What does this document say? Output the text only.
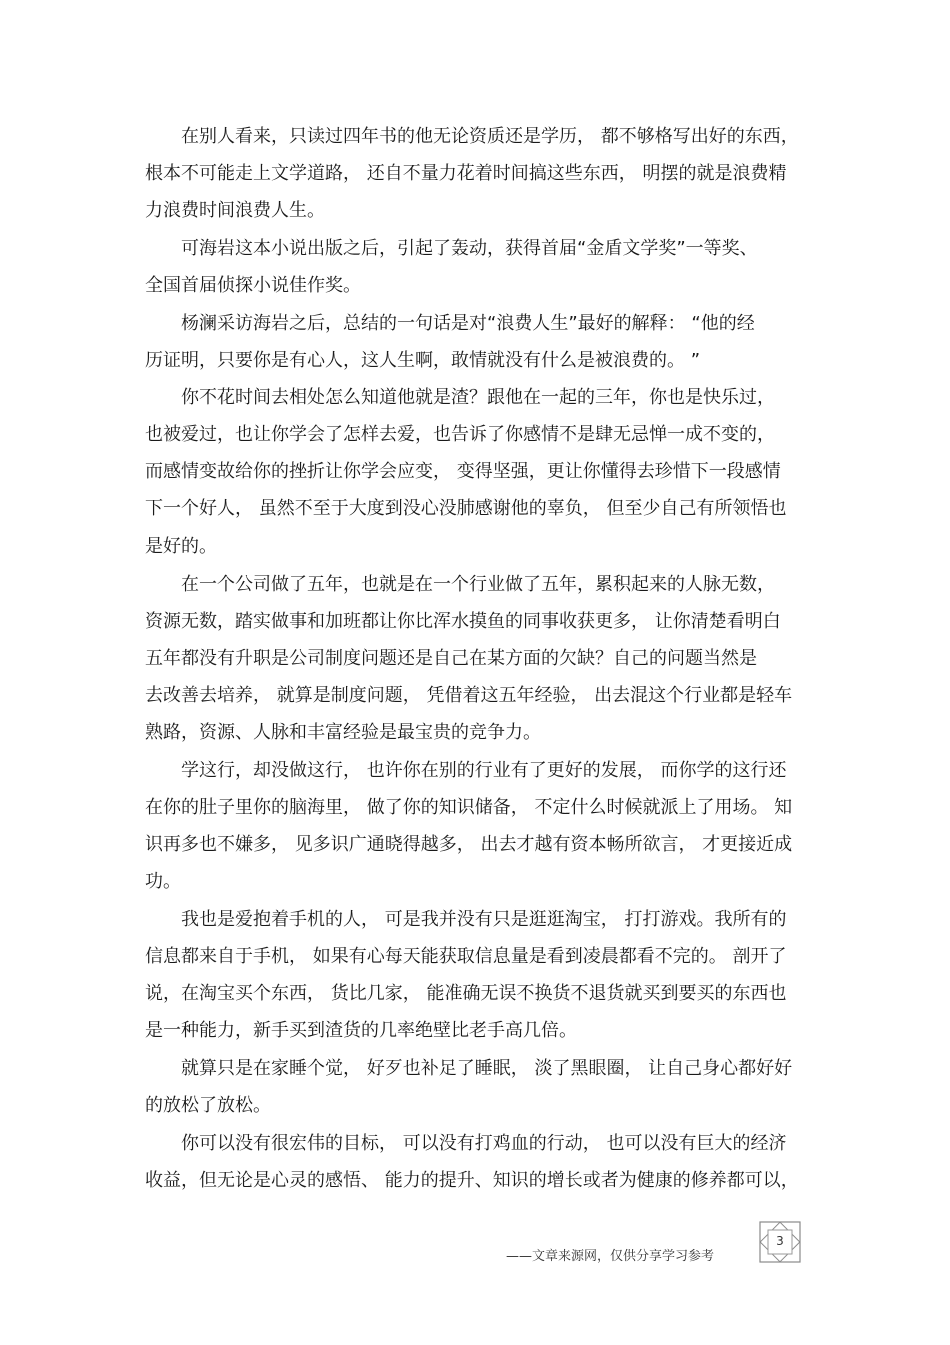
在别人看来，只读过四年书的他无论资质还是学历， 都不够格写出好的东西，
根本不可能走上文学道路， 还自不量力花着时间搞这些东西， 明摆的就是浪费精
力浪费时间浪费人生。
可海岩这本小说出版之后，引起了轰动，获得首届“金盾文学奖”一等奖、
全国首届侦探小说佳作奖。
杨澜采访海岩之后，总结的一句话是对“浪费人生”最好的解释： “他的经
历证明，只要你是有心人，这人生啊，敢情就没有什么是被浪费的。 ”
你不花时间去相处怎么知道他就是渣？跟他在一起的三年，你也是快乐过，
也被爱过，也让你学会了怎样去爱，也告诉了你感情不是肆无忌惮一成不变的，
而感情变故给你的挫折让你学会应变， 变得坚强，更让你懂得去珍惜下一段感情
下一个好人， 虽然不至于大度到没心没肺感谢他的辜负， 但至少自己有所领悟也
是好的。
在一个公司做了五年，也就是在一个行业做了五年，累积起来的人脉无数，
资源无数，踏实做事和加班都让你比浑水摸鱼的同事收获更多， 让你清楚看明白
五年都没有升职是公司制度问题还是自己在某方面的欠缺？自己的问题当然是
去改善去培养， 就算是制度问题， 凭借着这五年经验， 出去混这个行业都是轻车
熟路，资源、人脉和丰富经验是最宝贵的竞争力。
学这行，却没做这行， 也许你在别的行业有了更好的发展， 而你学的这行还
在你的肚子里你的脑海里， 做了你的知识储备， 不定什么时候就派上了用场。 知
识再多也不嫌多， 见多识广通晓得越多， 出去才越有资本畅所欲言， 才更接近成
功。
我也是爱抱着手机的人， 可是我并没有只是逛逛淘宝， 打打游戏。我所有的
信息都来自于手机， 如果有心每天能获取信息量是看到凌晨都看不完的。 剖开了
说，在淘宝买个东西， 货比几家， 能准确无误不换货不退货就买到要买的东西也
是一种能力，新手买到渣货的几率绝壁比老手高几倍。
就算只是在家睡个觉， 好歹也补足了睡眠， 淡了黑眼圈， 让自己身心都好好
的放松了放松。
你可以没有很宏伟的目标， 可以没有打鸡血的行动， 也可以没有巨大的经济
收益，但无论是心灵的感悟、 能力的提升、知识的增长或者为健康的修养都可以，
3
——文章来源网，仅供分享学习参考
